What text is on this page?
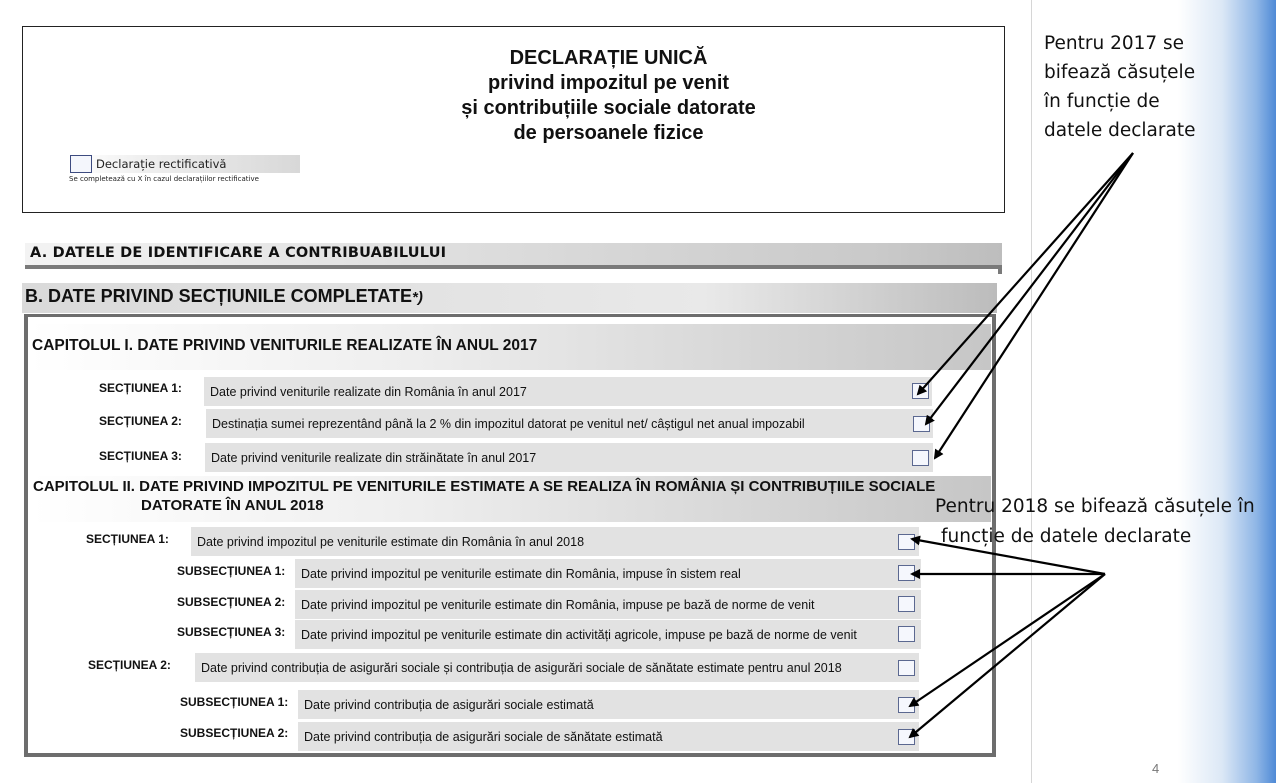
DECLARAȚIE UNICĂ
privind impozitul pe venit
și contribuțiile sociale datorate
de persoanele fizice
Declarație rectificativă
Se completează cu X în cazul declarațiilor rectificative
A. DATELE DE IDENTIFICARE A CONTRIBUABILULUI
B. DATE PRIVIND SECȚIUNILE COMPLETATE*)
CAPITOLUL I. DATE PRIVIND VENITURILE REALIZATE ÎN ANUL 2017
SECȚIUNEA 1:	Date privind veniturile realizate din România în anul 2017
SECȚIUNEA 2:	Destinația sumei reprezentând până la 2 % din impozitul datorat pe venitul net/ câștigul net anual impozabil
SECȚIUNEA 3:	Date privind veniturile realizate din străinătate în anul 2017
CAPITOLUL II. DATE PRIVIND IMPOZITUL PE VENITURILE ESTIMATE A SE REALIZA ÎN ROMÂNIA ȘI CONTRIBUȚIILE SOCIALE
DATORATE ÎN ANUL 2018
SECȚIUNEA 1:	Date privind impozitul pe veniturile estimate din România în anul 2018
SUBSECȚIUNEA 1:	Date privind impozitul pe veniturile estimate din România, impuse în sistem real
SUBSECȚIUNEA 2:	Date privind impozitul pe veniturile estimate din România, impuse pe bază de norme de venit
SUBSECȚIUNEA 3:	Date privind impozitul pe veniturile estimate din activități agricole, impuse pe bază de norme de venit
SECȚIUNEA 2:	Date privind contribuția de asigurări sociale și contribuția de asigurări sociale de sănătate estimate pentru anul 2018
SUBSECȚIUNEA 1:	Date privind contribuția de asigurări sociale estimată
SUBSECȚIUNEA 2:	Date privind contribuția de asigurări sociale de sănătate estimată
Pentru 2017 se
bifează căsuțele
în funcție de
datele declarate
Pentru 2018 se bifează căsuțele în
funcție de datele declarate
4
